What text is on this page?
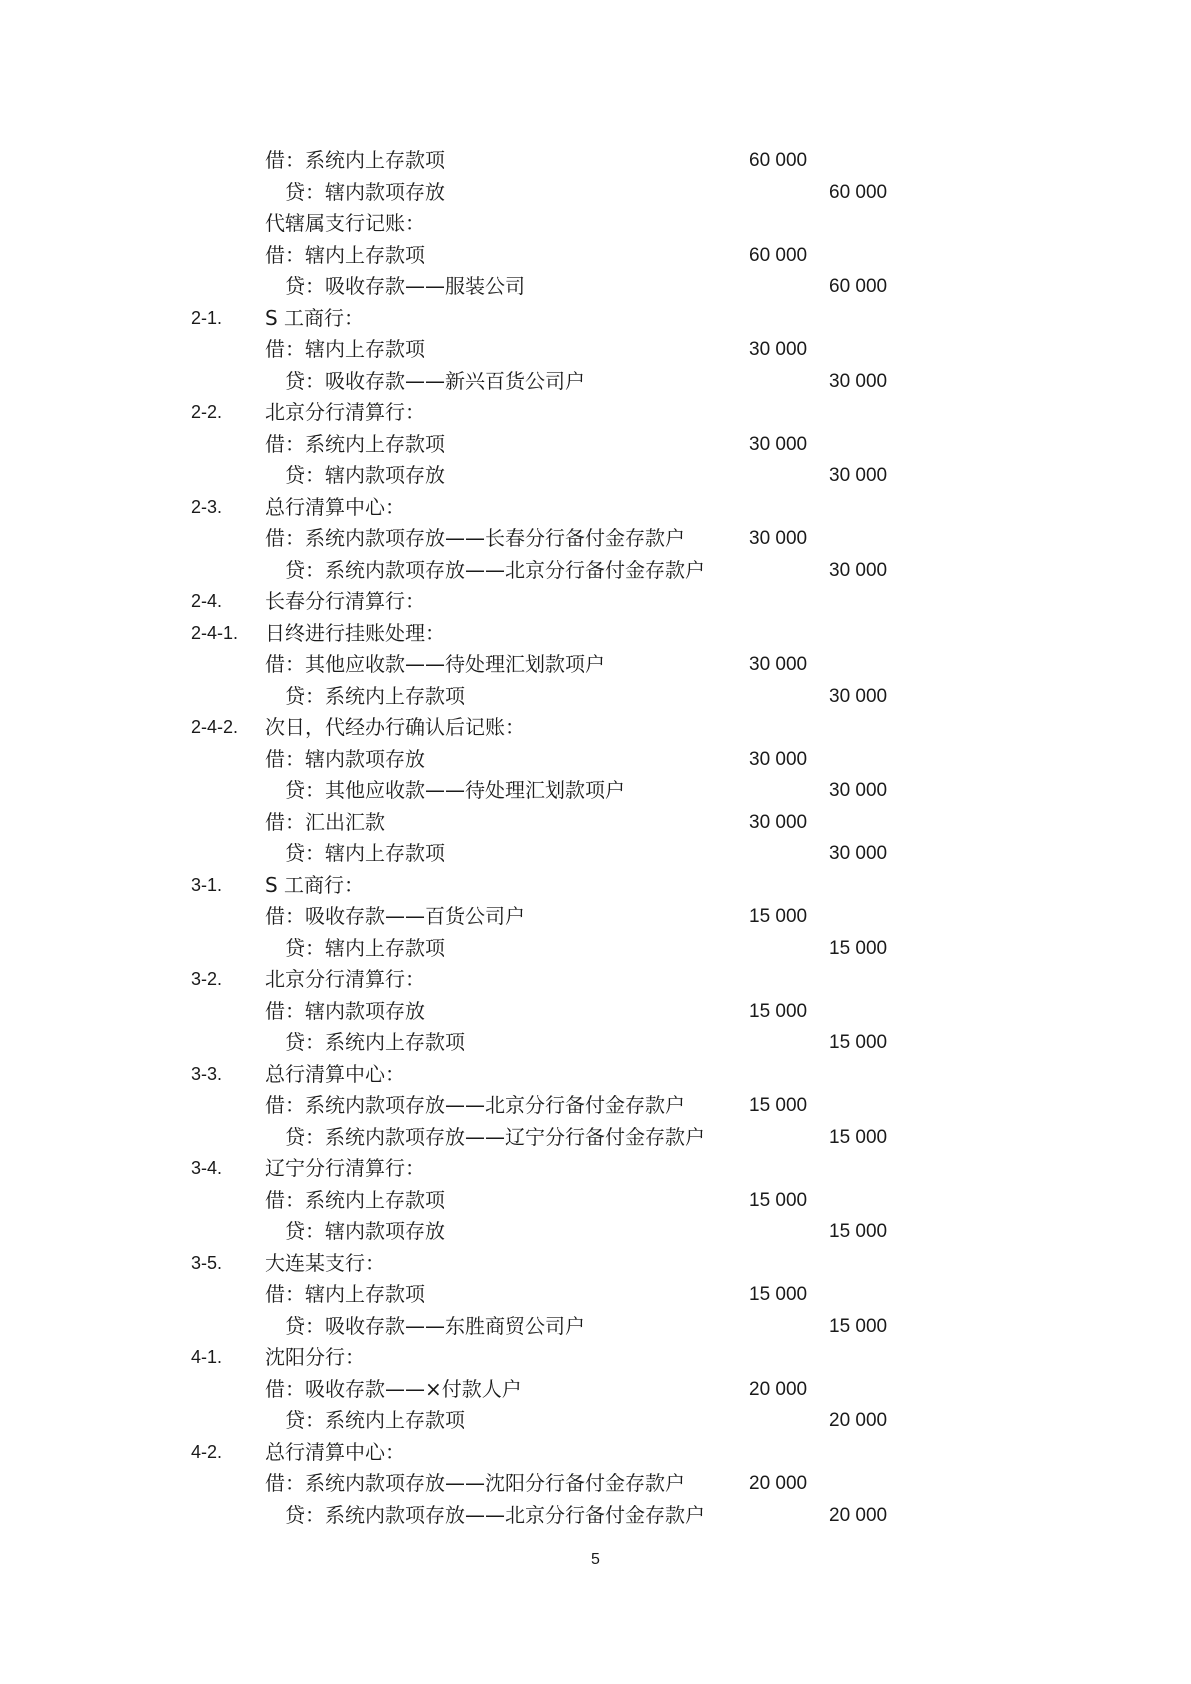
借：系统内上存款项	60 000
贷：辖内款项存放	60 000
代辖属支行记账：
借：辖内上存款项	60 000
贷：吸收存款——服装公司	60 000
2-1. S 工商行：
借：辖内上存款项	30 000
贷：吸收存款——新兴百货公司户	30 000
2-2. 北京分行清算行：
借：系统内上存款项	30 000
贷：辖内款项存放	30 000
2-3. 总行清算中心：
借：系统内款项存放——长春分行备付金存款户	30 000
贷：系统内款项存放——北京分行备付金存款户	30 000
2-4. 长春分行清算行：
2-4-1. 日终进行挂账处理：
借：其他应收款——待处理汇划款项户	30 000
贷：系统内上存款项	30 000
2-4-2. 次日，代经办行确认后记账：
借：辖内款项存放	30 000
贷：其他应收款——待处理汇划款项户	30 000
借：汇出汇款	30 000
贷：辖内上存款项	30 000
3-1. S 工商行：
借：吸收存款——百货公司户	15 000
贷：辖内上存款项	15 000
3-2. 北京分行清算行：
借：辖内款项存放	15 000
贷：系统内上存款项	15 000
3-3. 总行清算中心：
借：系统内款项存放——北京分行备付金存款户	15 000
贷：系统内款项存放——辽宁分行备付金存款户	15 000
3-4. 辽宁分行清算行：
借：系统内上存款项	15 000
贷：辖内款项存放	15 000
3-5. 大连某支行：
借：辖内上存款项	15 000
贷：吸收存款——东胜商贸公司户	15 000
4-1. 沈阳分行：
借：吸收存款——×付款人户	20 000
贷：系统内上存款项	20 000
4-2. 总行清算中心：
借：系统内款项存放——沈阳分行备付金存款户	20 000
贷：系统内款项存放——北京分行备付金存款户	20 000
5
